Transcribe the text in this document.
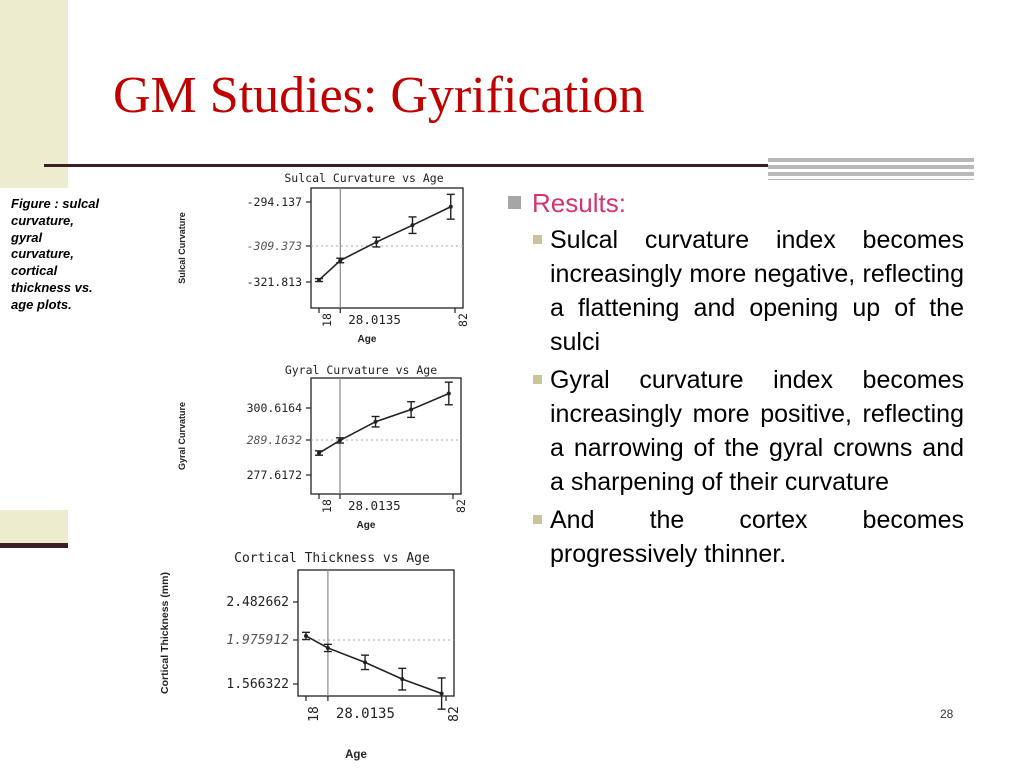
GM Studies: Gyrification
Figure : sulcal curvature, gyral curvature, cortical thickness vs. age plots.
Sulcal Curvature vs Age
-294.137
-309.373
-321.813
18 28.0135	82
Age
Sulcal Curvature
Gyral Curvature vs Age
300.6164
289.1632
277.6172
18 28.0135	82
Age
Gyral Curvature
Cortical Thickness vs Age
2.482662
1.975912
1.566322
18 28.0135	82
Age
Cortical Thickness (mm)
Results:
Sulcal curvature index becomes increasingly more negative, reflecting a flattening and opening up of the sulci
Gyral curvature index becomes increasingly more positive, reflecting a narrowing of the gyral crowns and a sharpening of their curvature
And the cortex becomes progressively thinner.
28
